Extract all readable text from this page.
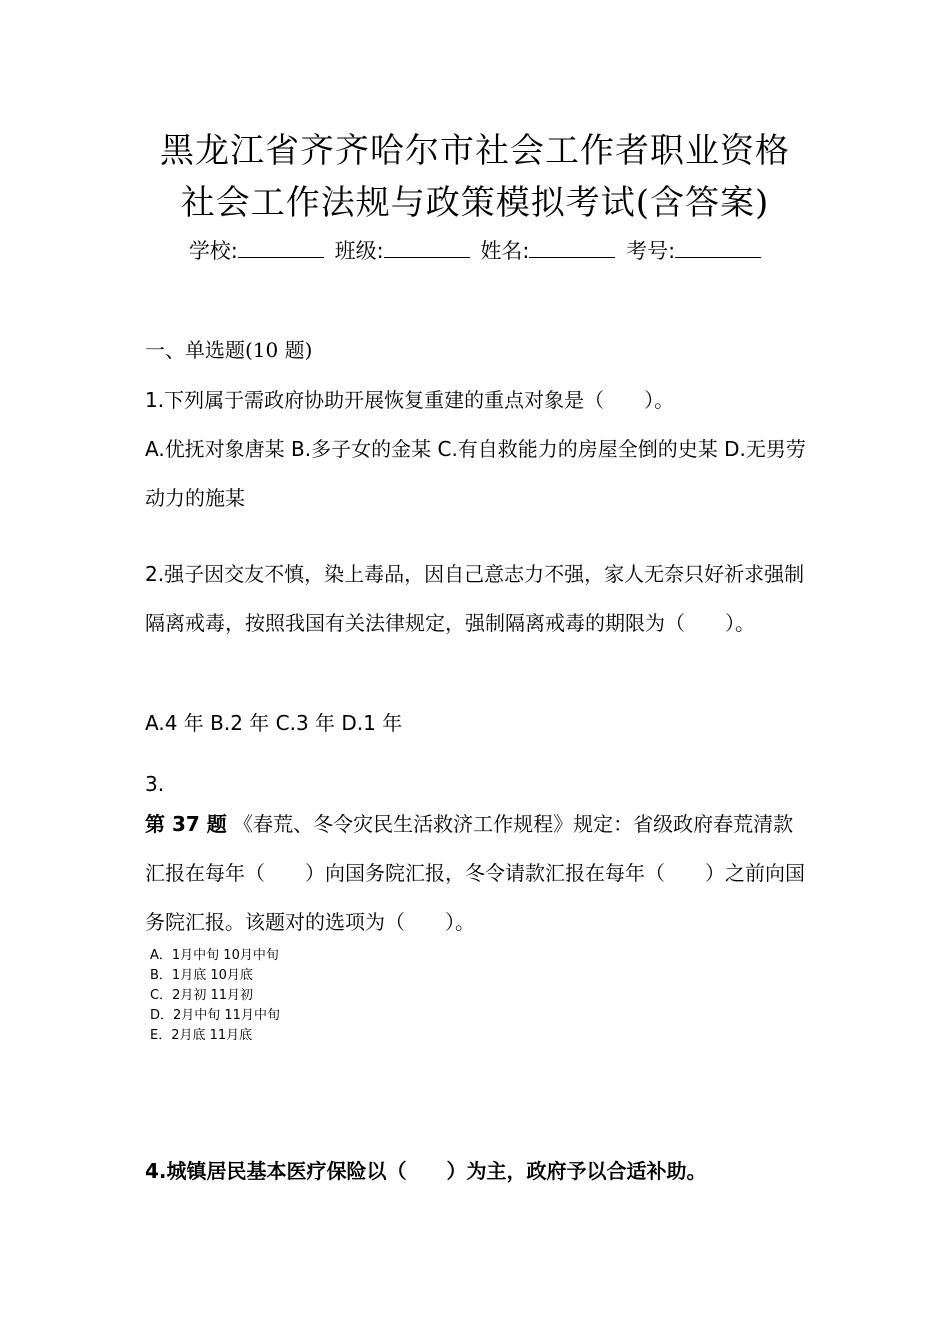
黑龙江省齐齐哈尔市社会工作者职业资格
社会工作法规与政策模拟考试(含答案)
学校:	班级:	姓名:	考号:
一、单选题(10 题)
1.下列属于需政府协助开展恢复重建的重点对象是（　　）。
A.优抚对象唐某 B.多子女的金某 C.有自救能力的房屋全倒的史某 D.无男劳动力的施某
2.强子因交友不慎，染上毒品，因自己意志力不强，家人无奈只好祈求强制隔离戒毒，按照我国有关法律规定，强制隔离戒毒的期限为（　　）。
A.4 年 B.2 年 C.3 年 D.1 年
3.
第 37 题 《春荒、冬令灾民生活救济工作规程》规定：省级政府春荒清款汇报在每年（　　）向国务院汇报，冬令请款汇报在每年（　　）之前向国务院汇报。该题对的选项为（　　）。
A．1月中旬 10月中旬
B．1月底 10月底
C．2月初 11月初
D．2月中旬 11月中旬
E．2月底 11月底
4.城镇居民基本医疗保险以（　　）为主，政府予以合适补助。
